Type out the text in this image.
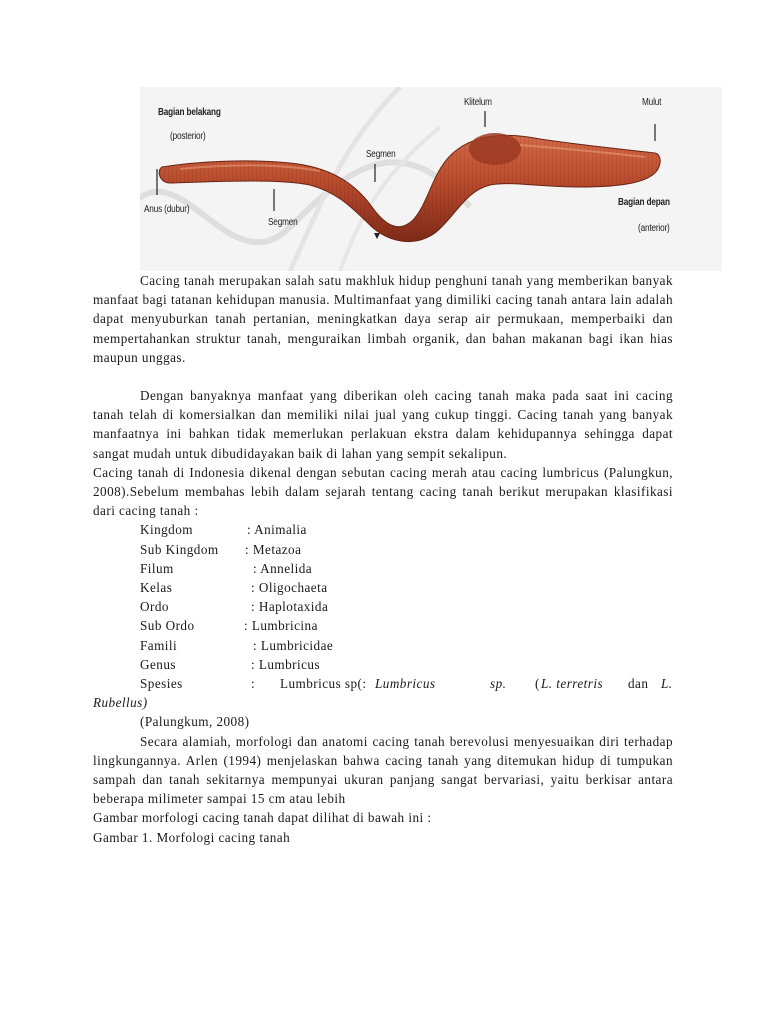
Bagian belakang
(posterior)
Anus (dubur)
Segmen
Segmen
Klitelum	Mulut
Bagian depan
(anterior)
Cacing tanah merupakan salah satu makhluk hidup penghuni tanah yang memberikan banyak manfaat bagi tatanan kehidupan manusia. Multimanfaat yang dimiliki cacing tanah antara lain adalah dapat menyuburkan tanah pertanian, meningkatkan daya serap air permukaan, memperbaiki dan mempertahankan struktur tanah, menguraikan limbah organik, dan bahan makanan bagi ikan hias maupun unggas.
Dengan banyaknya manfaat yang diberikan oleh cacing tanah maka pada saat ini cacing tanah telah di komersialkan dan memiliki nilai jual yang cukup tinggi. Cacing tanah yang banyak manfaatnya ini bahkan tidak memerlukan perlakuan ekstra dalam kehidupannya sehingga dapat sangat mudah untuk dibudidayakan baik di lahan yang sempit sekalipun.
Cacing tanah di Indonesia dikenal dengan sebutan cacing merah atau cacing lumbricus (Palungkun, 2008).Sebelum membahas lebih dalam sejarah tentang cacing tanah berikut merupakan klasifikasi dari cacing tanah :
Kingdom	: Animalia
Sub Kingdom : Metazoa
Filum	: Annelida
Kelas	: Oligochaeta
Ordo	: Haplotaxida
Sub Ordo	: Lumbricina
Famili	: Lumbricidae
Genus	: Lumbricus
Spesies	: Lumbricus sp(: Lumbricus	sp. ( L. terretris dan L.
Rubellus)
(Palungkum, 2008)
Secara alamiah, morfologi dan anatomi cacing tanah berevolusi menyesuaikan diri terhadap lingkungannya. Arlen (1994) menjelaskan bahwa cacing tanah yang ditemukan hidup di tumpukan sampah dan tanah sekitarnya mempunyai ukuran panjang sangat bervariasi, yaitu berkisar antara beberapa milimeter sampai 15 cm atau lebih
Gambar morfologi cacing tanah dapat dilihat di bawah ini :
Gambar 1. Morfologi cacing tanah
